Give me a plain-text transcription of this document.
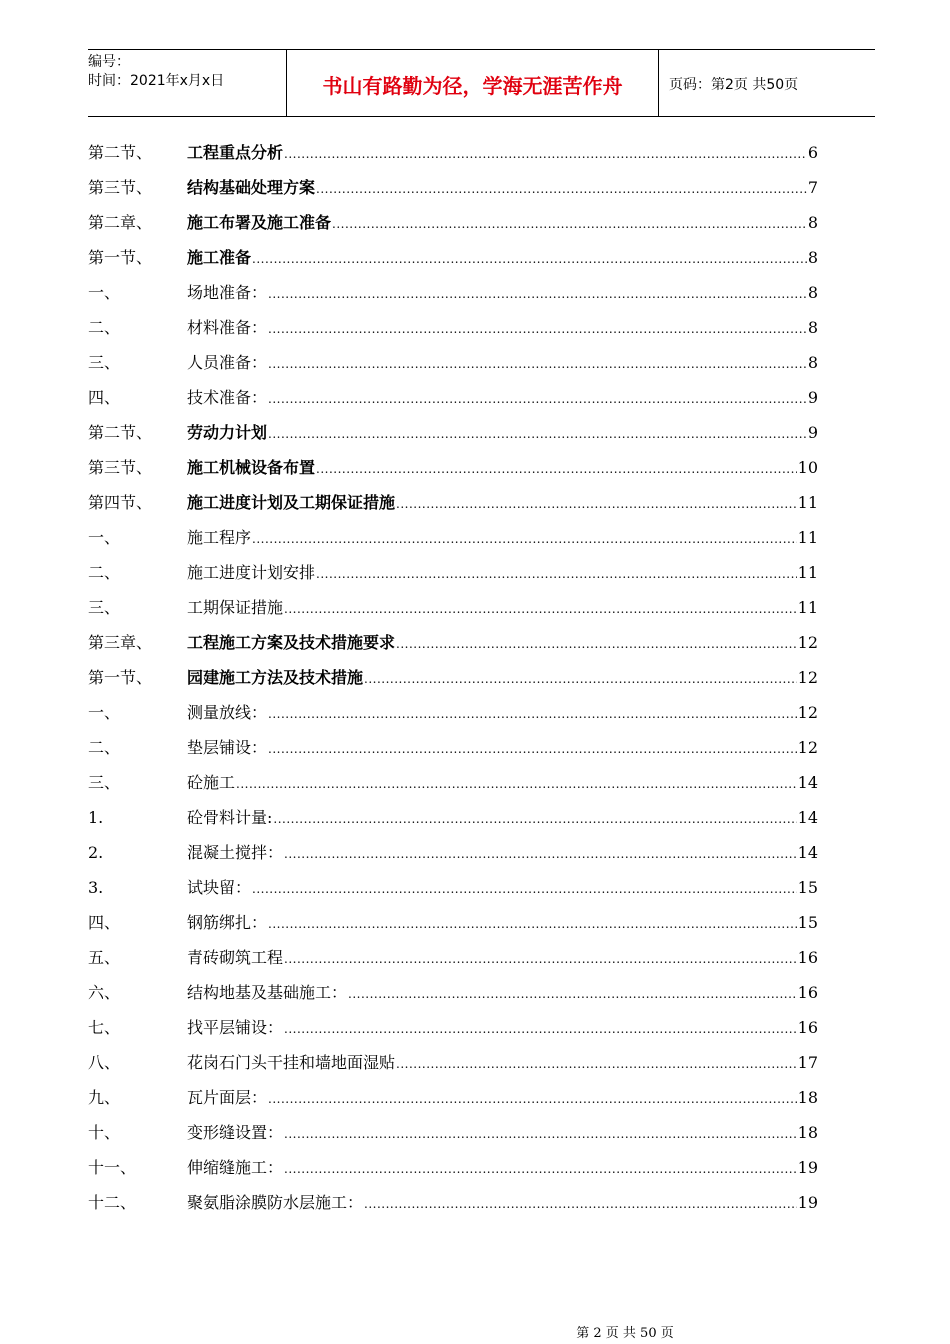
编号：
时间：2021年x月x日	书山有路勤为径，学海无涯苦作舟	页码：第2页 共50页
第二节、	工程重点分析 .....	6
第三节、	结构基础处理方案 .....	7
第二章、	施工布署及施工准备 .....	8
第一节、	施工准备 .....	8
一、	场地准备： .....	8
二、	材料准备： .....	8
三、	人员准备： .....	8
四、	技术准备： .....	9
第二节、	劳动力计划 .....	9
第三节、	施工机械设备布置 .....	10
第四节、	施工进度计划及工期保证措施 .....	11
一、	施工程序 .....	11
二、	施工进度计划安排 .....	11
三、	工期保证措施 .....	11
第三章、	工程施工方案及技术措施要求 .....	12
第一节、	园建施工方法及技术措施 .....	12
一、	测量放线： .....	12
二、	垫层铺设： .....	12
三、	砼施工 .....	14
1.	砼骨料计量: .....	14
2.	混凝土搅拌： .....	14
3.	试块留： .....	15
四、	钢筋绑扎： .....	15
五、	青砖砌筑工程 .....	16
六、	结构地基及基础施工： .....	16
七、	找平层铺设： .....	16
八、	花岗石门头干挂和墙地面湿贴 .....	17
九、	瓦片面层： .....	18
十、	变形缝设置： .....	18
十一、	伸缩缝施工： .....	19
十二、	聚氨脂涂膜防水层施工： .....	19
第 2 页 共 50 页
